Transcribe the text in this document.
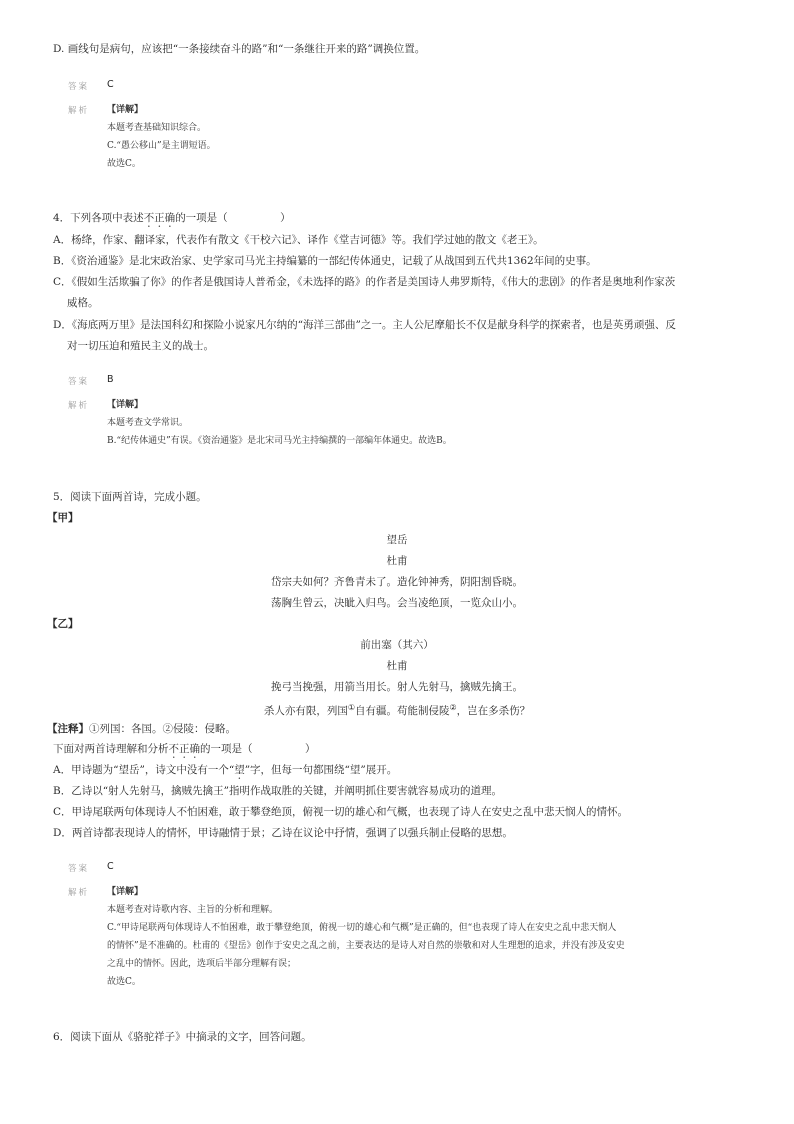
D. 画线句是病句，应该把“一条接续奋斗的路”和“一条继往开来的路”调换位置。
答案 C
解析 【详解】
本题考查基础知识综合。
C.“愚公移山”是主谓短语。
故选C。
4．下列各项中表述不正确的一项是（　　　　　）
A．杨绛，作家、翻译家，代表作有散文《干校六记》、译作《堂吉诃德》等。我们学过她的散文《老王》。
B．《资治通鉴》是北宋政治家、史学家司马光主持编纂的一部纪传体通史，记载了从战国到五代共1362年间的史事。
C．《假如生活欺骗了你》的作者是俄国诗人普希金，《未选择的路》的作者是美国诗人弗罗斯特，《伟大的悲剧》的作者是奥地利作家茨
威格。
D．《海底两万里》是法国科幻和探险小说家凡尔纳的“海洋三部曲”之一。主人公尼摩船长不仅是献身科学的探索者，也是英勇顽强、反
对一切压迫和殖民主义的战士。
答案 B
解析 【详解】
本题考查文学常识。
B.“纪传体通史”有误。《资治通鉴》是北宋司马光主持编撰的一部编年体通史。故选B。
5．阅读下面两首诗，完成小题。
【甲】
望岳
杜甫
岱宗夫如何？齐鲁青未了。造化钟神秀，阴阳割昏晓。
荡胸生曾云，决眦入归鸟。会当凌绝顶，一览众山小。
【乙】
前出塞（其六）
杜甫
挽弓当挽强，用箭当用长。射人先射马，擒贼先擒王。
杀人亦有限，列国①自有疆。苟能制侵陵②，岂在多杀伤？
【注释】①列国：各国。②侵陵：侵略。
下面对两首诗理解和分析不正确的一项是（　　　　　）
A．甲诗题为“望岳”，诗文中没有一个“望”字，但每一句都围绕“望”展开。
B．乙诗以“射人先射马，擒贼先擒王”指明作战取胜的关键，并阐明抓住要害就容易成功的道理。
C．甲诗尾联两句体现诗人不怕困难，敢于攀登绝顶，俯视一切的雄心和气概，也表现了诗人在安史之乱中悲天悯人的情怀。
D．两首诗都表现诗人的情怀，甲诗融情于景；乙诗在议论中抒情，强调了以强兵制止侵略的思想。
答案 C
解析 【详解】
本题考查对诗歌内容、主旨的分析和理解。
C.“甲诗尾联两句体现诗人不怕困难，敢于攀登绝顶，俯视一切的雄心和气概”是正确的，但“也表现了诗人在安史之乱中悲天悯人
的情怀”是不准确的。杜甫的《望岳》创作于安史之乱之前，主要表达的是诗人对自然的崇敬和对人生理想的追求，并没有涉及安史
之乱中的情怀。因此，选项后半部分理解有误；
故选C。
6．阅读下面从《骆驼祥子》中摘录的文字，回答问题。
